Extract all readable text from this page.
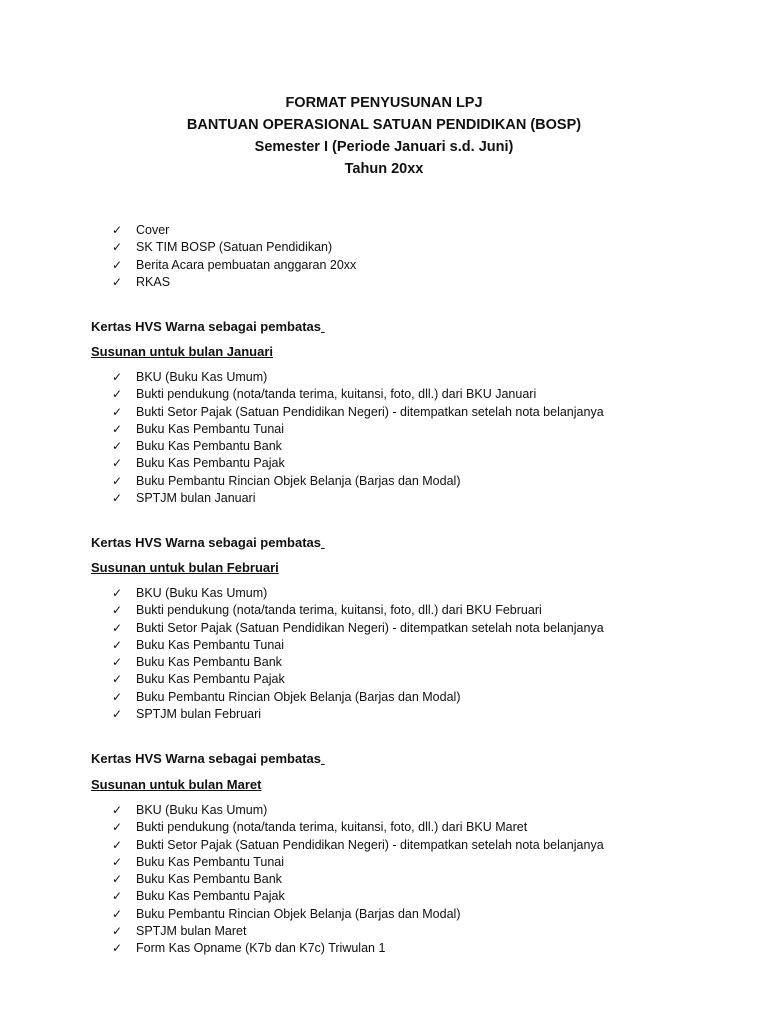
FORMAT PENYUSUNAN LPJ
BANTUAN OPERASIONAL SATUAN PENDIDIKAN (BOSP)
Semester I (Periode Januari s.d. Juni)
Tahun 20xx
✓	Cover
✓	SK TIM BOSP (Satuan Pendidikan)
✓	Berita Acara pembuatan anggaran 20xx
✓	RKAS
Kertas HVS Warna sebagai pembatas
Susunan untuk bulan Januari
✓	BKU (Buku Kas Umum)
✓	Bukti pendukung (nota/tanda terima, kuitansi, foto, dll.) dari BKU Januari
✓	Bukti Setor Pajak (Satuan Pendidikan Negeri) - ditempatkan setelah nota belanjanya
✓	Buku Kas Pembantu Tunai
✓	Buku Kas Pembantu Bank
✓	Buku Kas Pembantu Pajak
✓	Buku Pembantu Rincian Objek Belanja (Barjas dan Modal)
✓	SPTJM bulan Januari
Kertas HVS Warna sebagai pembatas
Susunan untuk bulan Februari
✓	BKU (Buku Kas Umum)
✓	Bukti pendukung (nota/tanda terima, kuitansi, foto, dll.) dari BKU Februari
✓	Bukti Setor Pajak (Satuan Pendidikan Negeri) - ditempatkan setelah nota belanjanya
✓	Buku Kas Pembantu Tunai
✓	Buku Kas Pembantu Bank
✓	Buku Kas Pembantu Pajak
✓	Buku Pembantu Rincian Objek Belanja (Barjas dan Modal)
✓	SPTJM bulan Februari
Kertas HVS Warna sebagai pembatas
Susunan untuk bulan Maret
✓	BKU (Buku Kas Umum)
✓	Bukti pendukung (nota/tanda terima, kuitansi, foto, dll.) dari BKU Maret
✓	Bukti Setor Pajak (Satuan Pendidikan Negeri) - ditempatkan setelah nota belanjanya
✓	Buku Kas Pembantu Tunai
✓	Buku Kas Pembantu Bank
✓	Buku Kas Pembantu Pajak
✓	Buku Pembantu Rincian Objek Belanja (Barjas dan Modal)
✓	SPTJM bulan Maret
✓	Form Kas Opname (K7b dan K7c) Triwulan 1
